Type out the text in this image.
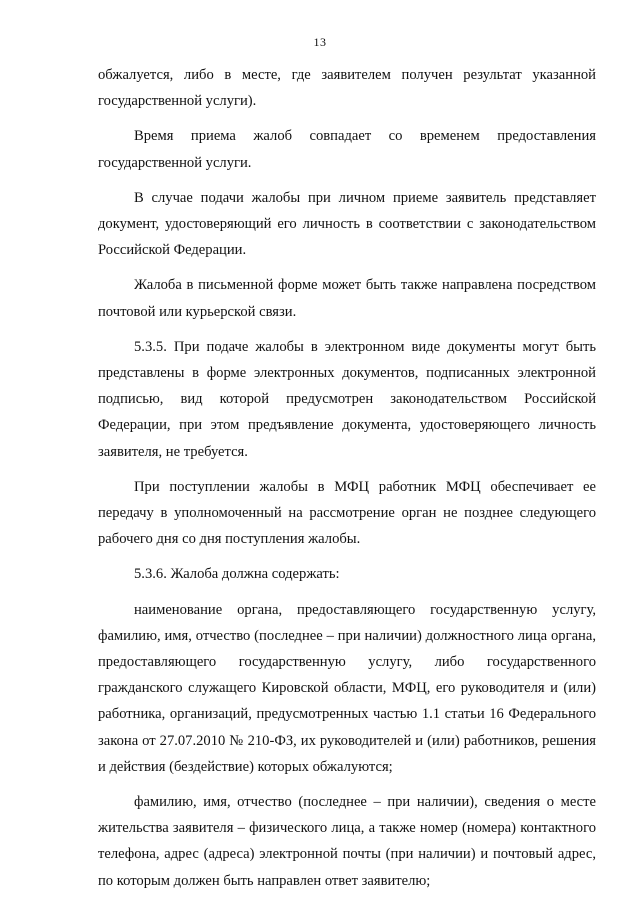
13

обжалуется, либо в месте, где заявителем получен результат указанной государственной услуги).

Время приема жалоб совпадает со временем предоставления государственной услуги.

В случае подачи жалобы при личном приеме заявитель представляет документ, удостоверяющий его личность в соответствии с законодательством Российской Федерации.

Жалоба в письменной форме может быть также направлена посредством почтовой или курьерской связи.

5.3.5. При подаче жалобы в электронном виде документы могут быть представлены в форме электронных документов, подписанных электронной подписью, вид которой предусмотрен законодательством Российской Федерации, при этом предъявление документа, удостоверяющего личность заявителя, не требуется.

При поступлении жалобы в МФЦ работник МФЦ обеспечивает ее передачу в уполномоченный на рассмотрение орган не позднее следующего рабочего дня со дня поступления жалобы.

5.3.6. Жалоба должна содержать:

наименование органа, предоставляющего государственную услугу, фамилию, имя, отчество (последнее – при наличии) должностного лица органа, предоставляющего государственную услугу, либо государственного гражданского служащего Кировской области, МФЦ, его руководителя и (или) работника, организаций, предусмотренных частью 1.1 статьи 16 Федерального закона от 27.07.2010 № 210-ФЗ, их руководителей и (или) работников, решения и действия (бездействие) которых обжалуются;

фамилию, имя, отчество (последнее – при наличии), сведения о месте жительства заявителя – физического лица, а также номер (номера) контактного телефона, адрес (адреса) электронной почты (при наличии) и почтовый адрес, по которым должен быть направлен ответ заявителю;
